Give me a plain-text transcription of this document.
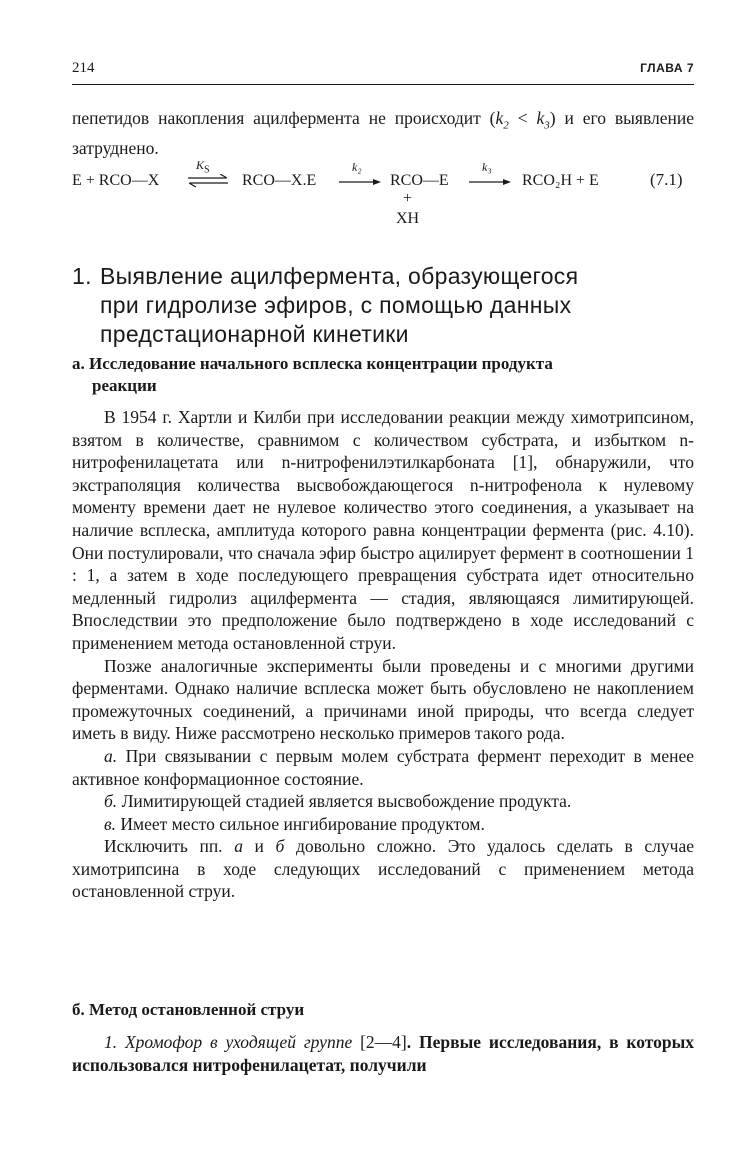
214	ГЛАВА 7

пепетидов накопления ацилфермента не происходит $(k_2 < k_3)$ и его выявление затруднено.

E + RCO—X
$K_S$
⇌ RCO—X.E
k₂
RCO—E
+
XH
k₃
RCO₂H + E	(7.1)
1. Выявление ацилфермента, образующегося
при гидролизе эфиров, с помощью данных
предстационарной кинетики
а. Исследование начального всплеска концентрации продукта
реакции

В 1954 г. Хартли и Килби при исследовании реакции между химотрипсином, взятом в количестве, сравнимом с количеством субстрата, и избытком n-нитрофенилацетата или n-нитрофенилэтилкарбоната [1], обнаружили, что экстраполяция количества высвобождающегося n-нитрофенола к нулевому моменту времени дает не нулевое количество этого соединения, а указывает на наличие всплеска, амплитуда которого равна концентрации фермента (рис. 4.10). Они постулировали, что сначала эфир быстро ацилирует фермент в соотношении 1 : 1, а затем в ходе последующего превращения субстрата идет относительно медленный гидролиз ацилфермента — стадия, являющаяся лимитирующей. Впоследствии это предположение было подтверждено в ходе исследований с применением метода остановленной струи.

Позже аналогичные эксперименты были проведены и с многими другими ферментами. Однако наличие всплеска может быть обусловлено не накоплением промежуточных соединений, а причинами иной природы, что всегда следует иметь в виду. Ниже рассмотрено несколько примеров такого рода.

а. При связывании с первым молем субстрата фермент переходит в менее активное конформационное состояние.

б. Лимитирующей стадией является высвобождение продукта.

в. Имеет место сильное ингибирование продуктом.

Исключить пп. а и б довольно сложно. Это удалось сделать в случае химотрипсина в ходе следующих исследований с применением метода остановленной струи.

б. Метод остановленной струи

1. Хромофор в уходящей группе [2—4]. Первые исследования, в которых использовался нитрофенилацетат, получили
